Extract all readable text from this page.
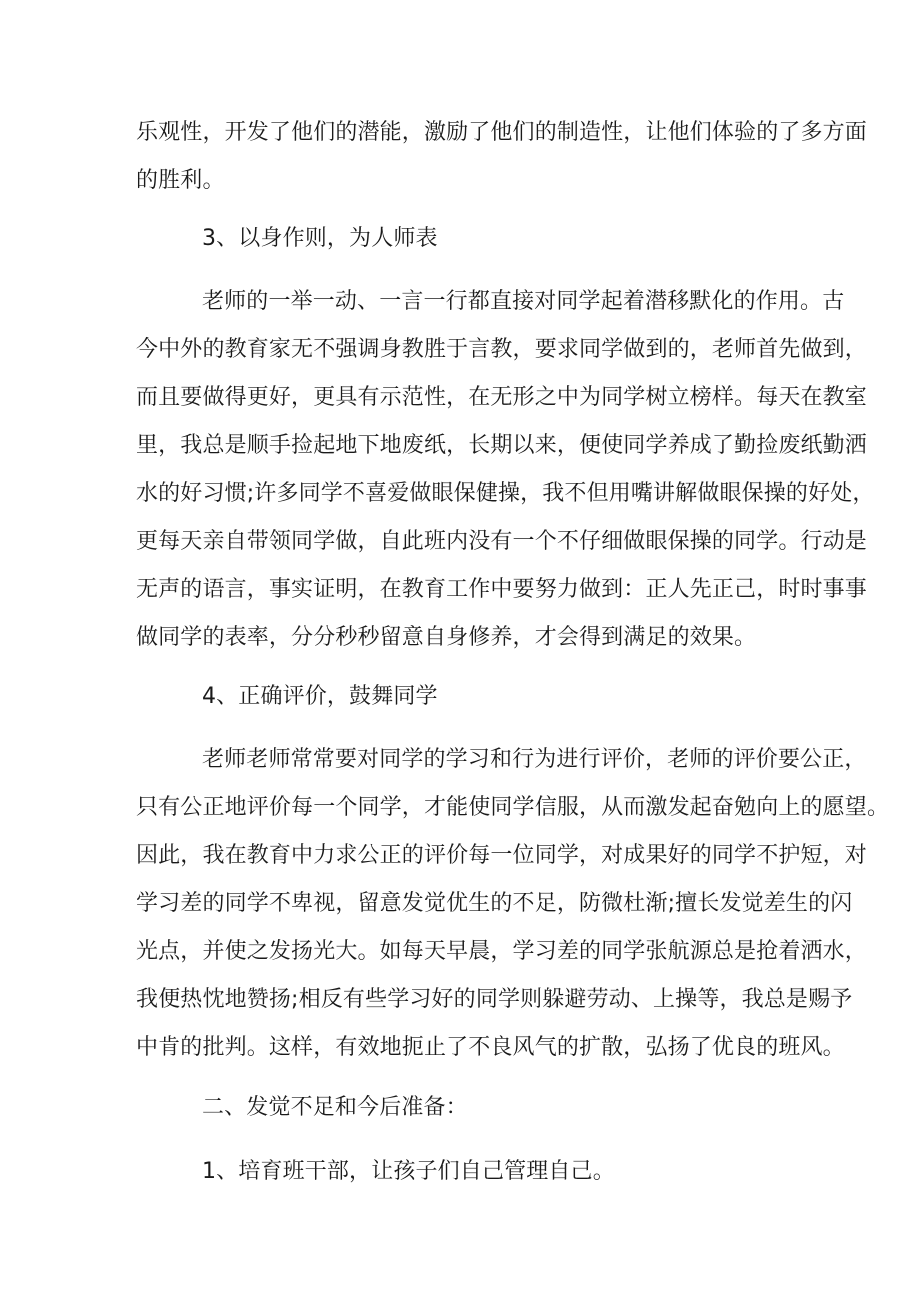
乐观性，开发了他们的潜能，激励了他们的制造性，让他们体验的了多方面
的胜利。
3、以身作则，为人师表
老师的一举一动、一言一行都直接对同学起着潜移默化的作用。古
今中外的教育家无不强调身教胜于言教，要求同学做到的，老师首先做到，
而且要做得更好，更具有示范性，在无形之中为同学树立榜样。每天在教室
里，我总是顺手捡起地下地废纸，长期以来，便使同学养成了勤捡废纸勤洒
水的好习惯;许多同学不喜爱做眼保健操，我不但用嘴讲解做眼保操的好处，
更每天亲自带领同学做，自此班内没有一个不仔细做眼保操的同学。行动是
无声的语言，事实证明，在教育工作中要努力做到：正人先正己，时时事事
做同学的表率，分分秒秒留意自身修养，才会得到满足的效果。
4、正确评价，鼓舞同学
老师老师常常要对同学的学习和行为进行评价，老师的评价要公正，
只有公正地评价每一个同学，才能使同学信服，从而激发起奋勉向上的愿望。
因此，我在教育中力求公正的评价每一位同学，对成果好的同学不护短，对
学习差的同学不卑视，留意发觉优生的不足，防微杜渐;擅长发觉差生的闪
光点，并使之发扬光大。如每天早晨，学习差的同学张航源总是抢着洒水，
我便热忱地赞扬;相反有些学习好的同学则躲避劳动、上操等，我总是赐予
中肯的批判。这样，有效地扼止了不良风气的扩散，弘扬了优良的班风。
二、发觉不足和今后准备：
1、培育班干部，让孩子们自己管理自己。
